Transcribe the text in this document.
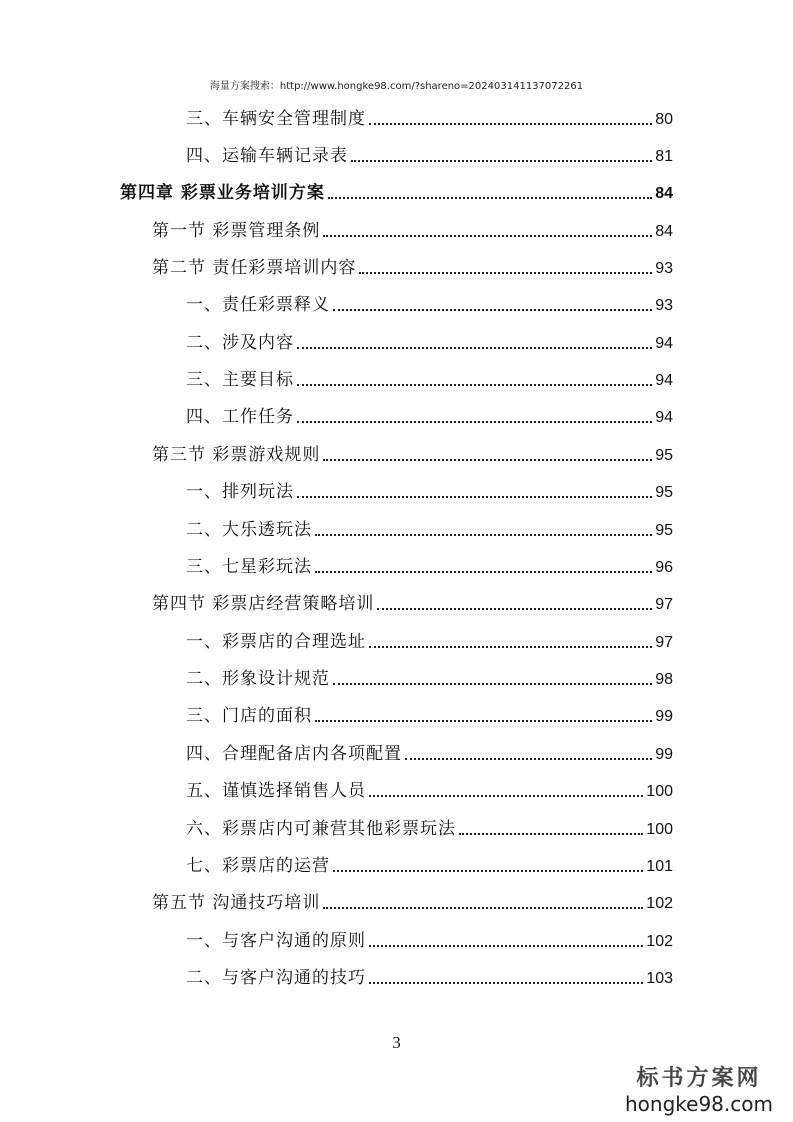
海量方案搜索：http://www.hongke98.com/?shareno=20240314113707​2261
三、车辆安全管理制度	80
四、运输车辆记录表	81
第四章 彩票业务培训方案	84
第一节 彩票管理条例	84
第二节 责任彩票培训内容	93
一、责任彩票释义	93
二、涉及内容	94
三、主要目标	94
四、工作任务	94
第三节 彩票游戏规则	95
一、排列玩法	95
二、大乐透玩法	95
三、七星彩玩法	96
第四节 彩票店经营策略培训	97
一、彩票店的合理选址	97
二、形象设计规范	98
三、门店的面积	99
四、合理配备店内各项配置	99
五、谨慎选择销售人员	100
六、彩票店内可兼营其他彩票玩法	100
七、彩票店的运营	101
第五节 沟通技巧培训	102
一、与客户沟通的原则	102
二、与客户沟通的技巧	103
3
标书方案网
hongke98.com
